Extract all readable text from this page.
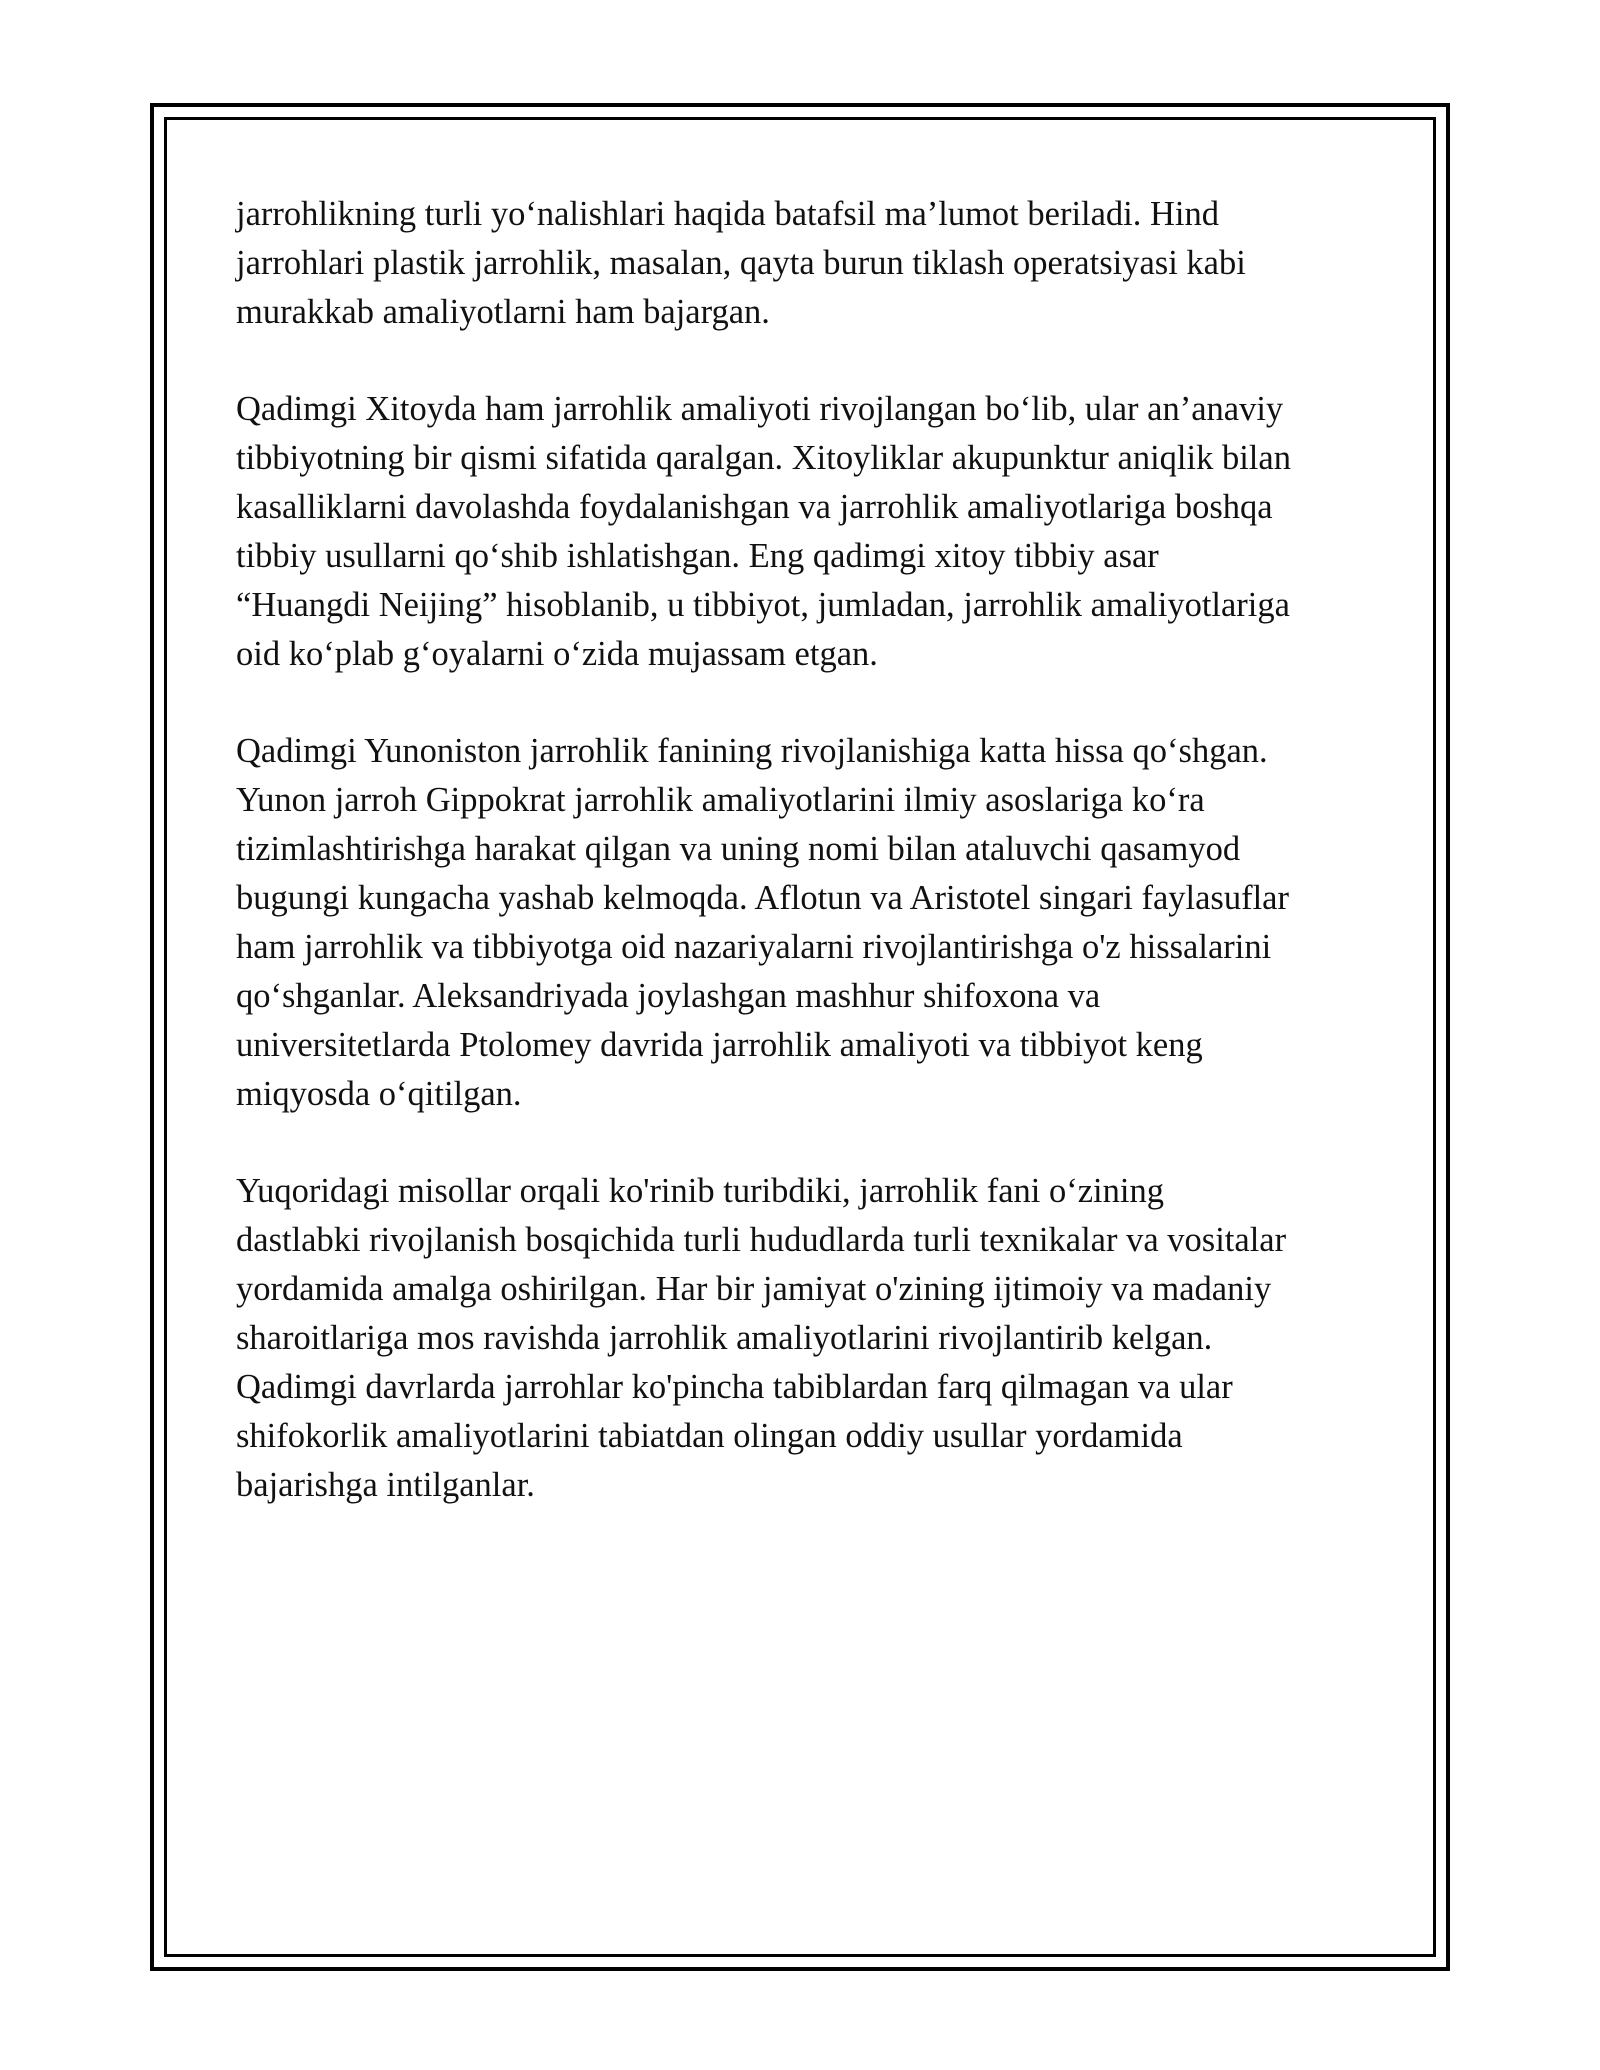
jarrohlikning turli yo‘nalishlari haqida batafsil ma’lumot beriladi. Hind
jarrohlari plastik jarrohlik, masalan, qayta burun tiklash operatsiyasi kabi
murakkab amaliyotlarni ham bajargan.

Qadimgi Xitoyda ham jarrohlik amaliyoti rivojlangan bo‘lib, ular an’anaviy
tibbiyotning bir qismi sifatida qaralgan. Xitoyliklar akupunktur aniqlik bilan
kasalliklarni davolashda foydalanishgan va jarrohlik amaliyotlariga boshqa
tibbiy usullarni qo‘shib ishlatishgan. Eng qadimgi xitoy tibbiy asar
“Huangdi Neijing” hisoblanib, u tibbiyot, jumladan, jarrohlik amaliyotlariga
oid ko‘plab g‘oyalarni o‘zida mujassam etgan.

Qadimgi Yunoniston jarrohlik fanining rivojlanishiga katta hissa qo‘shgan.
Yunon jarroh Gippokrat jarrohlik amaliyotlarini ilmiy asoslariga ko‘ra
tizimlashtirishga harakat qilgan va uning nomi bilan ataluvchi qasamyod
bugungi kungacha yashab kelmoqda. Aflotun va Aristotel singari faylasuflar
ham jarrohlik va tibbiyotga oid nazariyalarni rivojlantirishga o'z hissalarini
qo‘shganlar. Aleksandriyada joylashgan mashhur shifoxona va
universitetlarda Ptolomey davrida jarrohlik amaliyoti va tibbiyot keng
miqyosda o‘qitilgan.

Yuqoridagi misollar orqali ko'rinib turibdiki, jarrohlik fani o‘zining
dastlabki rivojlanish bosqichida turli hududlarda turli texnikalar va vositalar
yordamida amalga oshirilgan. Har bir jamiyat o'zining ijtimoiy va madaniy
sharoitlariga mos ravishda jarrohlik amaliyotlarini rivojlantirib kelgan.
Qadimgi davrlarda jarrohlar ko'pincha tabiblardan farq qilmagan va ular
shifokorlik amaliyotlarini tabiatdan olingan oddiy usullar yordamida
bajarishga intilganlar.
